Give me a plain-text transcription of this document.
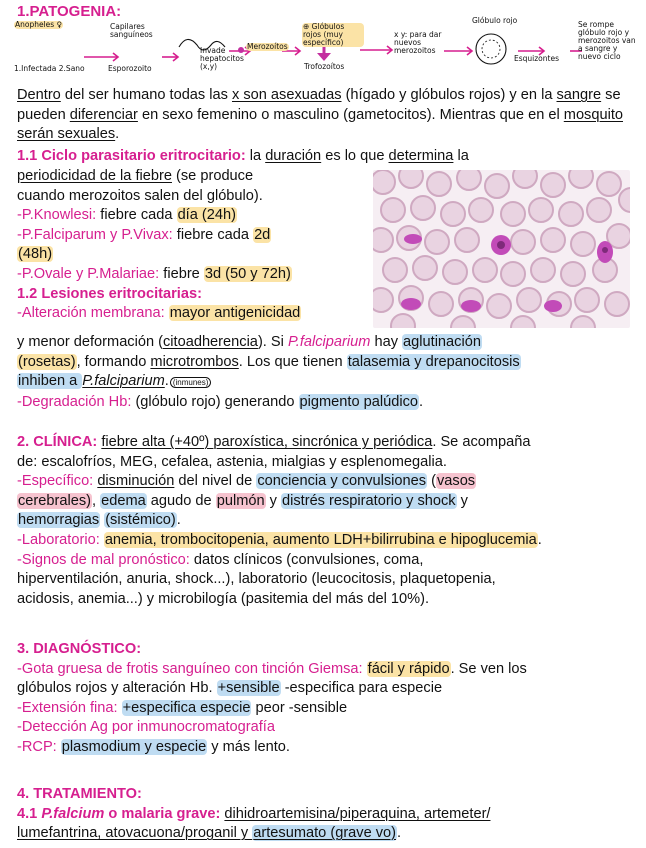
1.PATOGENIA:
Anopheles ♀
1.Infectada 2.Sano
Capilares sanguíneos
Esporozoito
Invade hepatocitos (x,y)
Merozoítos
⊕ Glóbulos rojos (muy específico)
Trofozoítos
x y: para dar nuevos merozoitos
Glóbulo rojo
Esquizontes
Se rompe glóbulo rojo y merozoitos van a sangre y nuevo ciclo

Dentro del ser humano todas las x son asexuadas (hígado y glóbulos rojos) y en la sangre se pueden diferenciar en sexo femenino o masculino (gametocitos). Mientras que en el mosquito serán sexuales.

1.1 Ciclo parasitario eritrocitario: la duración es lo que determina la

periodicidad de la fiebre (se produce

cuando merozoitos salen del glóbulo).

-P.Knowlesi: fiebre cada día (24h)

-P.Falciparum y P.Vivax: fiebre cada 2d

(48h)

-P.Ovale y P.Malariae: fiebre 3d (50 y 72h)

1.2 Lesiones eritrocitarias:

-Alteración membrana: mayor antigenicidad

y menor deformación (citoadherencia). Si P.falciparium hay aglutinación

(rosetas), formando microtrombos. Los que tienen talasemia y drepanocitosis

inhiben a P.falciparium. (inmunes)

-Degradación Hb: (glóbulo rojo) generando pigmento palúdico.

2. CLÍNICA: fiebre alta (+40º) paroxística, sincrónica y periódica. Se acompaña

de: escalofríos, MEG, cefalea, astenia, mialgias y esplenomegalia.

-Específico: disminución del nivel de conciencia y convulsiones (vasos

cerebrales), edema agudo de pulmón y distrés respiratorio y shock y

hemorragias (sistémico).

-Laboratorio: anemia, trombocitopenia, aumento LDH+bilirrubina e hipoglucemia.

-Signos de mal pronóstico: datos clínicos (convulsiones, coma,

hiperventilación, anuria, shock...), laboratorio (leucocitosis, plaquetopenia,

acidosis, anemia...) y microbilogía (pasitemia del más del 10%).

3. DIAGNÓSTICO:

-Gota gruesa de frotis sanguíneo con tinción Giemsa: fácil y rápido. Se ven los

glóbulos rojos y alteración Hb. +sensible -especifica para especie

-Extensión fina: +especifica especie peor -sensible

-Detección Ag por inmunocromatografía

-RCP: plasmodium y especie y más lento.

4. TRATAMIENTO:

4.1 P.falcium o malaria grave: dihidroartemisina/piperaquina, artemeter/

lumefantrina, atovacuona/proganil y artesumato (grave vo).
